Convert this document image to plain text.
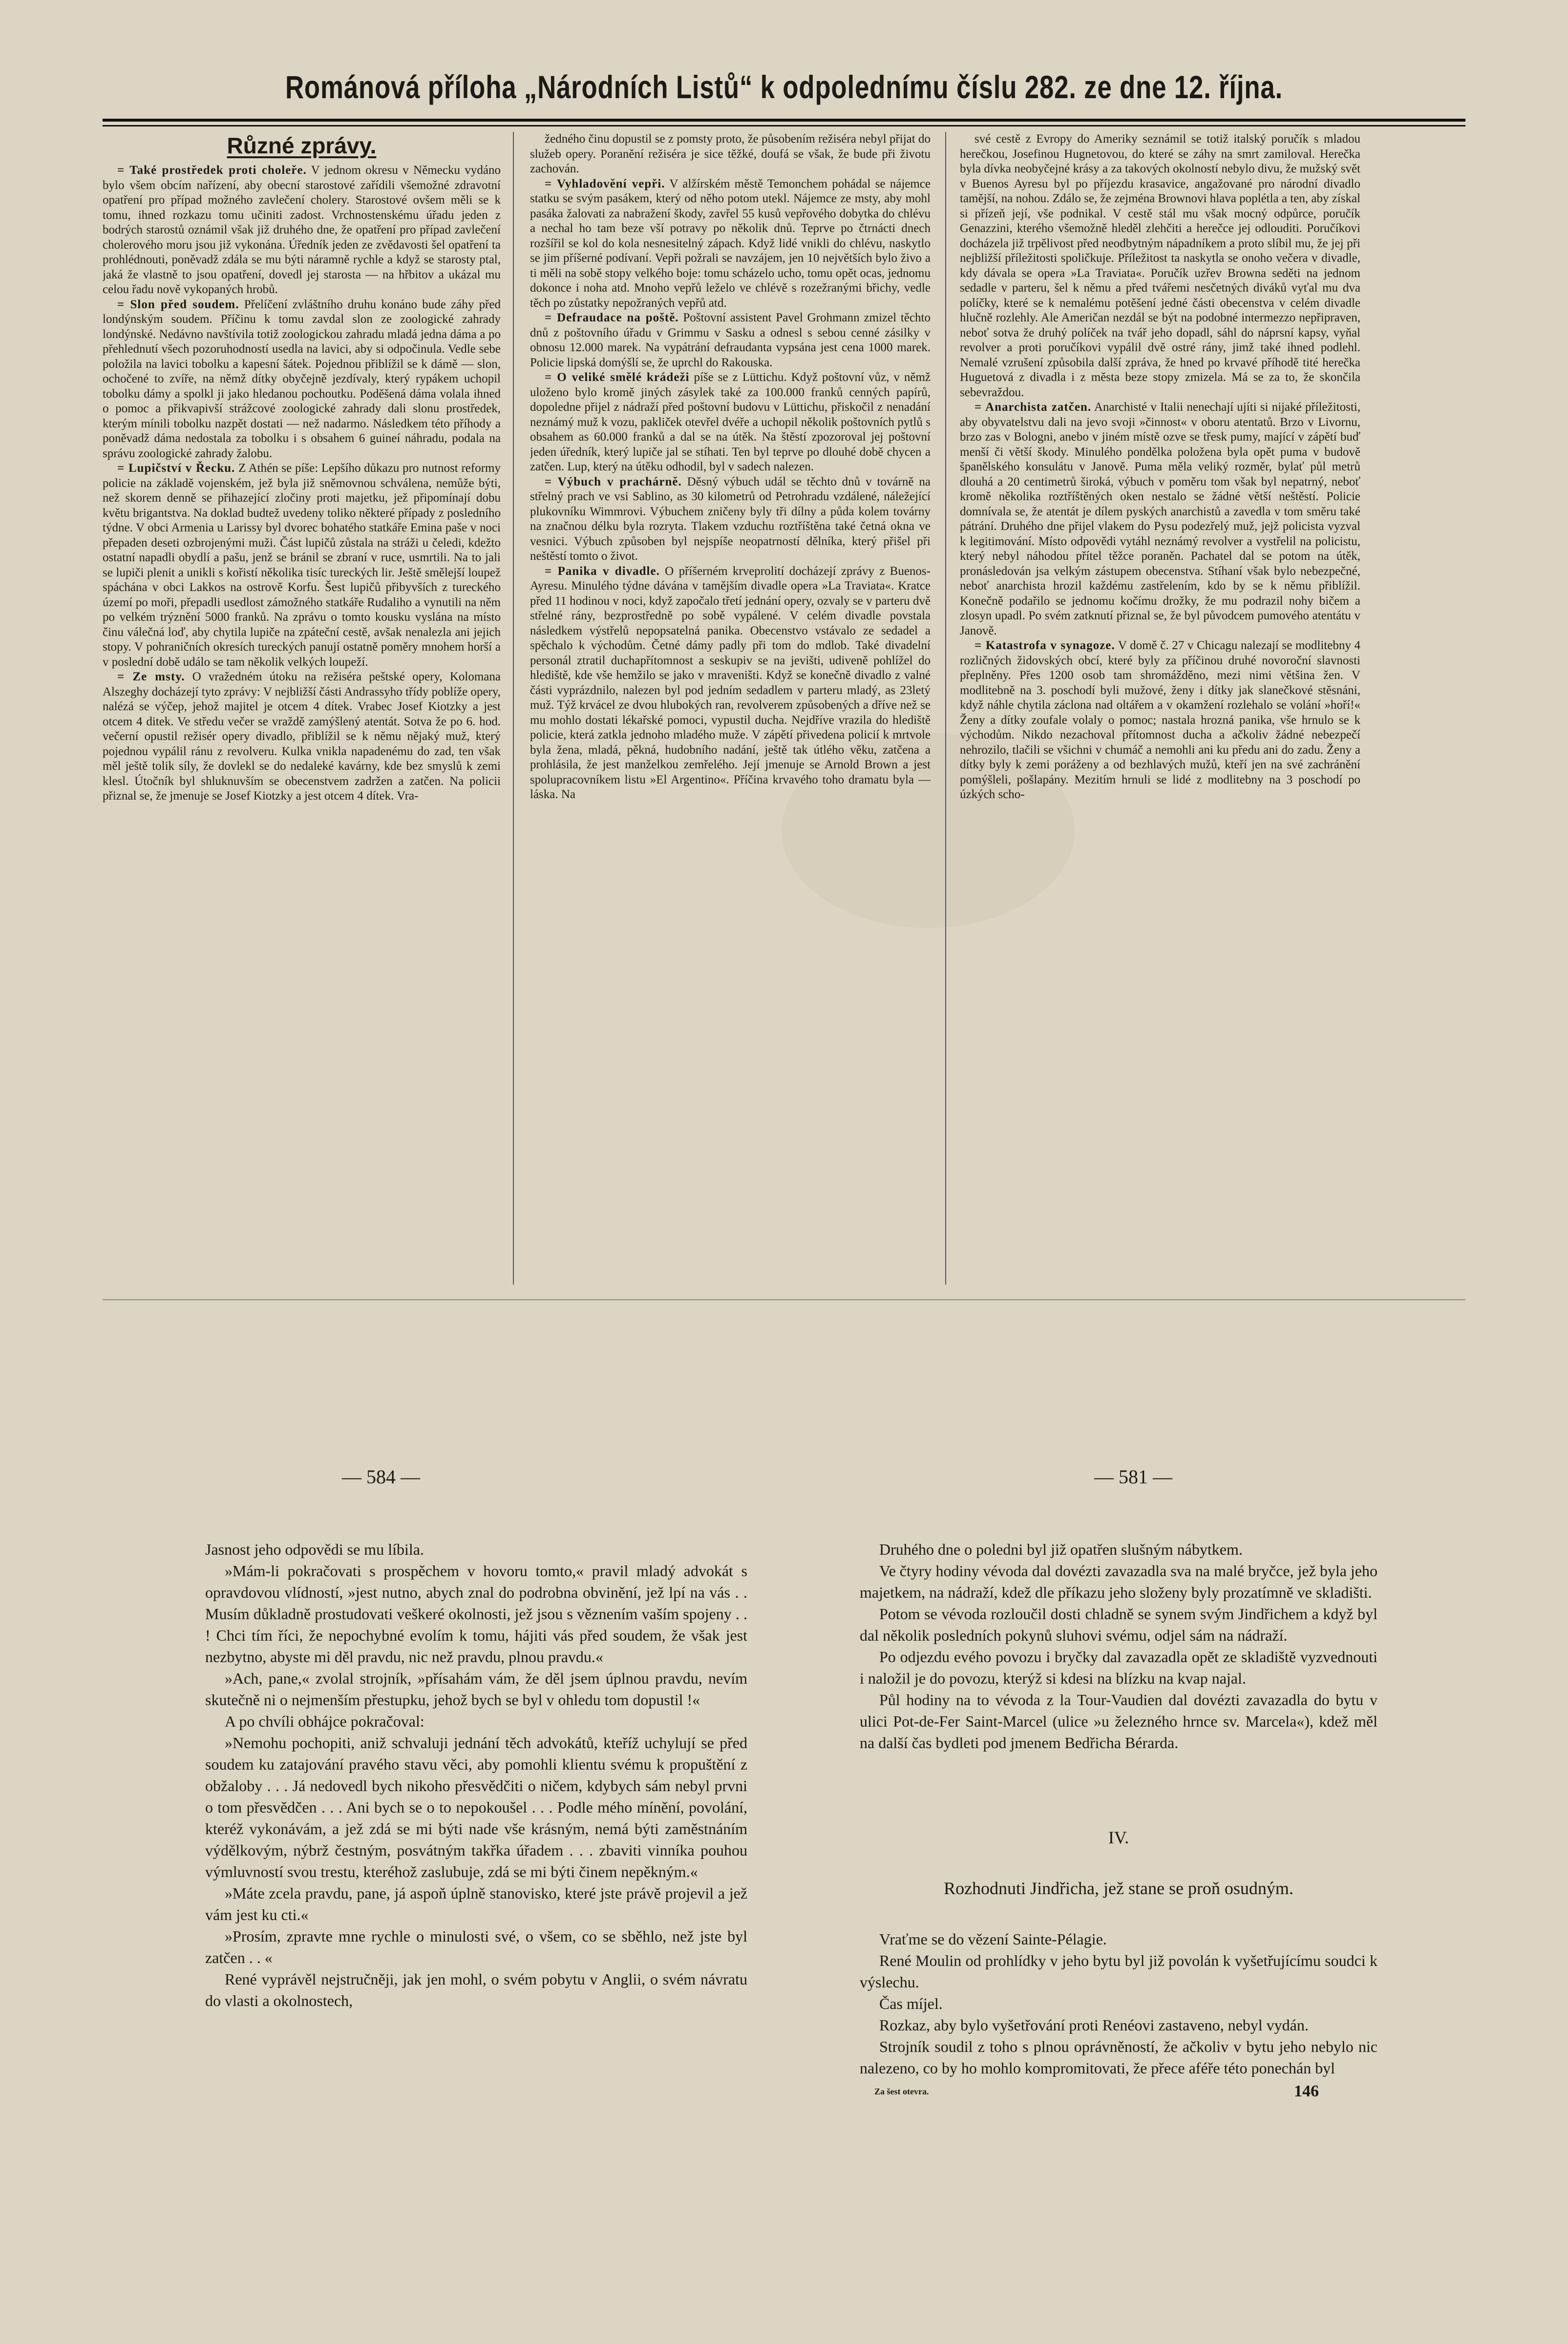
Románová příloha „Národních Listů“ k odpolednímu číslu 282. ze dne 12. října.
Různé zprávy.

= Také prostředek proti choleře. V jednom okresu v Německu vydáno bylo všem obcím nařízení, aby obecní starostové zařídili všemožné zdravotní opatření pro případ možného zavlečení cholery. Starostové ovšem měli se k tomu, ihned rozkazu tomu učiniti zadost. Vrchnostenskému úřadu jeden z bodrých starostů oznámil však již druhého dne, že opatření pro případ zavlečení cholerového moru jsou již vykonána. Úředník jeden ze zvědavosti šel opatření ta prohlédnouti, poněvadž zdála se mu býti náramně rychle a když se starosty ptal, jaká že vlastně to jsou opatření, dovedl jej starosta — na hřbitov a ukázal mu celou řadu nově vykopaných hrobů.

= Slon před soudem. Přelíčení zvláštního druhu konáno bude záhy před londýnským soudem. Příčinu k tomu zavdal slon ze zoologické zahrady londýnské. Nedávno navštívila totiž zoologickou zahradu mladá jedna dáma a po přehlednutí všech pozoruhodností usedla na lavici, aby si odpočinula. Vedle sebe položila na lavici tobolku a kapesní šátek. Pojednou přiblížil se k dámě — slon, ochočené to zvíře, na němž dítky obyčejně jezdívaly, který rypákem uchopil tobolku dámy a spolkl ji jako hledanou pochoutku. Poděšená dáma volala ihned o pomoc a přikvapivší strážcové zoologické zahrady dali slonu prostředek, kterým mínili tobolku nazpět dostati — než nadarmo. Následkem této příhody a poněvadž dáma nedostala za tobolku i s obsahem 6 guineí náhradu, podala na správu zoologické zahrady žalobu.

= Lupičství v Řecku. Z Athén se píše: Lepšího důkazu pro nutnost reformy policie na základě vojenském, jež byla již sněmovnou schválena, nemůže býti, než skorem denně se přihazející zločiny proti majetku, jež připomínají dobu květu brigantstva. Na doklad budtež uvedeny toliko některé případy z posledního týdne. V obci Armenia u Larissy byl dvorec bohatého statkáře Emina paše v noci přepaden deseti ozbrojenými muži. Část lupičů zůstala na stráži u čeledi, kdežto ostatní napadli obydlí a pašu, jenž se bránil se zbraní v ruce, usmrtili. Na to jali se lupiči plenit a unikli s kořistí několika tisíc tureckých lir. Ještě smělejší loupež spáchána v obci Lakkos na ostrově Korfu. Šest lupičů přibyvších z tureckého území po moři, přepadli usedlost zámožného statkáře Rudaliho a vynutili na něm po velkém trýznění 5000 franků. Na zprávu o tomto kousku vyslána na místo činu válečná loď, aby chytila lupiče na zpáteční cestě, avšak nenalezla ani jejich stopy. V pohraničních okresích tureckých panují ostatně poměry mnohem horší a v poslední době událo se tam několik velkých loupeží.

= Ze msty. O vražedném útoku na režiséra peštské opery, Kolomana Alszeghy docházejí tyto zprávy: V nejbližší části Andrassyho třídy poblíže opery, nalézá se výčep, jehož majitel je otcem 4 dítek. Vrabec Josef Kiotzky a jest otcem 4 ditek. Ve středu večer se vraždě zamýšlený atentát. Sotva že po 6. hod. večerní opustil režisér opery divadlo, přiblížil se k němu nějaký muž, který pojednou vypálil ránu z revolveru. Kulka vnikla napadenému do zad, ten však měl ještě tolik síly, že dovlekl se do nedaleké kavárny, kde bez smyslů k zemi klesl. Útočník byl shluknuvším se obecenstvem zadržen a zatčen. Na policii přiznal se, že jmenuje se Josef Kiotzky a jest otcem 4 dítek. Vra-

žedného činu dopustil se z pomsty proto, že působením režiséra nebyl přijat do služeb opery. Poranění režiséra je sice těžké, doufá se však, že bude při životu zachován.

= Vyhladovění vepři. V alžírském městě Temonchem pohádal se nájemce statku se svým pasákem, který od něho potom utekl. Nájemce ze msty, aby mohl pasáka žalovati za nabražení škody, zavřel 55 kusů vepřového dobytka do chlévu a nechal ho tam beze vší potravy po několik dnů. Teprve po čtrnácti dnech rozšířil se kol do kola nesnesitelný zápach. Když lidé vnikli do chlévu, naskytlo se jim příšerné podívaní. Vepři požrali se navzájem, jen 10 největších bylo živo a ti měli na sobě stopy velkého boje: tomu scházelo ucho, tomu opět ocas, jednomu dokonce i noha atd. Mnoho vepřů leželo ve chlévě s rozežranými břichy, vedle těch po zůstatky nepožraných vepřů atd.

= Defraudace na poště. Poštovní assistent Pavel Grohmann zmizel těchto dnů z poštovního úřadu v Grimmu v Sasku a odnesl s sebou cenné zásilky v obnosu 12.000 marek. Na vypátrání defraudanta vypsána jest cena 1000 marek. Policie lipská domýšlí se, že uprchl do Rakouska.

= O veliké smělé krádeži píše se z Lüttichu. Když poštovní vůz, v němž uloženo bylo kromě jiných zásylek také za 100.000 franků cenných papírů, dopoledne přijel z nádraží před poštovní budovu v Lüttichu, přiskočil z nenadání neznámý muž k vozu, pakliček otevřel dvéře a uchopil několik poštovních pytlů s obsahem as 60.000 franků a dal se na útěk. Na štěstí zpozoroval jej poštovní jeden úředník, který lupiče jal se stíhati. Ten byl teprve po dlouhé době chycen a zatčen. Lup, který na útěku odhodil, byl v sadech nalezen.

= Výbuch v prachárně. Děsný výbuch udál se těchto dnů v továrně na střelný prach ve vsi Sablino, as 30 kilometrů od Petrohradu vzdálené, náležející plukovníku Wimmrovi. Výbuchem zničeny byly tři dílny a půda kolem továrny na značnou délku byla rozryta. Tlakem vzduchu roztříštěna také četná okna ve vesnici. Výbuch způsoben byl nejspíše neopatrností dělníka, který přišel při neštěstí tomto o život.

= Panika v divadle. O příšerném krveprolití docházejí zprávy z Buenos-Ayresu. Minulého týdne dávána v tamějším divadle opera »La Traviata«. Kratce před 11 hodinou v noci, když započalo třetí jednání opery, ozvaly se v parteru dvě střelné rány, bezprostředně po sobě vypálené. V celém divadle povstala následkem výstřelů nepopsatelná panika. Obecenstvo vstávalo ze sedadel a spěchalo k východům. Četné dámy padly při tom do mdlob. Také divadelní personál ztratil duchapřítomnost a seskupiv se na jevišti, udiveně pohlížel do hlediště, kde vše hemžilo se jako v mraveništi. Když se konečně divadlo z valné části vyprázdnilo, nalezen byl pod jedním sedadlem v parteru mladý, as 23letý muž. Týž krvácel ze dvou hlubokých ran, revolverem způsobených a dříve než se mu mohlo dostati lékařské pomoci, vypustil ducha. Nejdříve vrazila do hlediště policie, která zatkla jednoho mladého muže. V zápětí přivedena policií k mrtvole byla žena, mladá, pěkná, hudobního nadání, ještě tak útlého věku, zatčena a prohlásila, že jest manželkou zemřelého. Její jmenuje se Arnold Brown a jest spolupracovníkem listu »El Argentino«. Příčina krvavého toho dramatu byla — láska. Na

své cestě z Evropy do Ameriky seznámil se totiž italský poručík s mladou herečkou, Josefinou Hugnetovou, do které se záhy na smrt zamiloval. Herečka byla dívka neobyčejné krásy a za takových okolností nebylo divu, že mužský svět v Buenos Ayresu byl po příjezdu krasavice, angažované pro národní divadlo tamější, na nohou. Zdálo se, že zejména Brownovi hlava poplétla a ten, aby získal si přízeň její, vše podnikal. V cestě stál mu však mocný odpůrce, poručík Genazzini, kterého všemožně hleděl zlehčiti a herečce jej odlouditi. Poručíkovi docházela již trpělivost před neodbytným nápadníkem a proto slíbil mu, že jej při nejbližší příležitosti spoličkuje. Příležitost ta naskytla se onoho večera v divadle, kdy dávala se opera »La Traviata«. Poručík uzřev Browna seděti na jednom sedadle v parteru, šel k němu a před tvářemi nesčetných diváků vyťal mu dva políčky, které se k nemalému potěšení jedné části obecenstva v celém divadle hlučně rozlehly. Ale Američan nezdál se být na podobné intermezzo nepřipraven, neboť sotva že druhý políček na tvář jeho dopadl, sáhl do náprsní kapsy, vyňal revolver a proti poručíkovi vypálil dvě ostré rány, jimž také ihned podlehl. Nemalé vzrušení způsobila další zpráva, že hned po krvavé příhodě tité herečka Huguetová z divadla i z města beze stopy zmizela. Má se za to, že skončila sebevraždou.

= Anarchista zatčen. Anarchisté v Italii nenechají ujíti si nijaké příležitosti, aby obyvatelstvu dali na jevo svoji »činnost« v oboru atentatů. Brzo v Livornu, brzo zas v Bologni, anebo v jiném místě ozve se třesk pumy, mající v zápětí buď menší či větší škody. Minulého pondělka položena byla opět puma v budově španělského konsulátu v Janově. Puma měla veliký rozměr, bylať půl metrů dlouhá a 20 centimetrů široká, výbuch v poměru tom však byl nepatrný, neboť kromě několika roztříštěných oken nestalo se žádné větší neštěstí. Policie domnívala se, že atentát je dílem pyských anarchistů a zavedla v tom směru také pátrání. Druhého dne přijel vlakem do Pysu podezřelý muž, jejž policista vyzval k legitimování. Místo odpovědi vytáhl neznámý revolver a vystřelil na policistu, který nebyl náhodou přítel těžce poraněn. Pachatel dal se potom na útěk, pronásledován jsa velkým zástupem obecenstva. Stíhaní však bylo nebezpečné, neboť anarchista hrozil každému zastřelením, kdo by se k němu přiblížil. Konečně podařilo se jednomu kočímu drožky, že mu podrazil nohy bičem a zlosyn upadl. Po svém zatknutí přiznal se, že byl původcem pumového atentátu v Janově.

= Katastrofa v synagoze. V domě č. 27 v Chicagu nalezají se modlitebny 4 rozličných židovských obcí, které byly za příčinou druhé novoroční slavnosti přeplněny. Přes 1200 osob tam shromážděno, mezi nimi většina žen. V modlitebně na 3. poschodí byli mužové, ženy i dítky jak slanečkové stěsnáni, když náhle chytila záclona nad oltářem a v okamžení rozlehalo se volání »hoří!« Ženy a dítky zoufale volaly o pomoc; nastala hrozná panika, vše hrnulo se k východům. Nikdo nezachoval přítomnost ducha a ačkoliv žádné nebezpečí nehrozilo, tlačili se všichni v chumáč a nemohli ani ku předu ani do zadu. Ženy a dítky byly k zemi poráženy a od bezhlavých mužů, kteří jen na své zachránění pomýšleli, pošlapány. Mezitím hrnuli se lidé z modlitebny na 3 poschodí po úzkých scho-

— 584 —	— 581 —

Jasnost jeho odpovědi se mu líbila.

»Mám-li pokračovati s prospěchem v hovoru tomto,« pravil mladý advokát s opravdovou vlídností, »jest nutno, abych znal do podrobna obvinění, jež lpí na vás . . Musím důkladně prostudovati veškeré okolnosti, jež jsou s věznením vaším spojeny . . ! Chci tím říci, že nepochybné evolím k tomu, hájiti vás před soudem, že však jest nezbytno, abyste mi děl pravdu, nic než pravdu, plnou pravdu.«

»Ach, pane,« zvolal strojník, »přísahám vám, že děl jsem úplnou pravdu, nevím skutečně ni o nejmenším přestupku, jehož bych se byl v ohledu tom dopustil !«

A po chvíli obhájce pokračoval:

»Nemohu pochopiti, aniž schvaluji jednání těch advokátů, kteříž uchylují se před soudem ku zatajování pravého stavu věci, aby pomohli klientu svému k propuštění z obžaloby . . . Já nedovedl bych nikoho přesvědčiti o ničem, kdybych sám nebyl prvni o tom přesvědčen . . . Ani bych se o to nepokoušel . . . Podle mého mínění, povolání, kteréž vykonávám, a jež zdá se mi býti nade vše krásným, nemá býti zaměstnáním výdělkovým, nýbrž čestným, posvátným takřka úřadem . . . zbaviti vinníka pouhou výmluvností svou trestu, kteréhož zaslubuje, zdá se mi býti činem nepěkným.«

»Máte zcela pravdu, pane, já aspoň úplně stanovisko, které jste právě projevil a jež vám jest ku cti.«

»Prosím, zpravte mne rychle o minulosti své, o všem, co se sběhlo, než jste byl zatčen . . «

René vyprávěl nejstručněji, jak jen mohl, o svém pobytu v Anglii, o svém návratu do vlasti a okolnostech,

Druhého dne o poledni byl již opatřen slušným nábytkem.

Ve čtyry hodiny vévoda dal dovézti zavazadla sva na malé bryčce, jež byla jeho majetkem, na nádraží, kdež dle příkazu jeho složeny byly prozatímně ve skladišti.

Potom se vévoda rozloučil dosti chladně se synem svým Jindřichem a když byl dal několik posledních pokynů sluhovi svému, odjel sám na nádraží.

Po odjezdu evého povozu i bryčky dal zavazadla opět ze skladiště vyzvednouti i naložil je do povozu, kterýž si kdesi na blízku na kvap najal.

Půl hodiny na to vévoda z la Tour-Vaudien dal dovézti zavazadla do bytu v ulici Pot-de-Fer Saint-Marcel (ulice »u železného hrnce sv. Marcela«), kdež měl na další čas bydleti pod jmenem Bedřicha Bérarda.

IV.

Rozhodnuti Jindřicha, jež stane se proň osudným.

Vraťme se do vězení Sainte-Pélagie.

René Moulin od prohlídky v jeho bytu byl již povolán k vyšetřujícímu soudci k výslechu.

Čas míjel.

Rozkaz, aby bylo vyšetřování proti Renéovi zastaveno, nebyl vydán.

Strojník soudil z toho s plnou oprávněností, že ačkoliv v bytu jeho nebylo nic nalezeno, co by ho mohlo kompromitovati, že přece aféře této ponechán byl

Za šest otevra.	146
